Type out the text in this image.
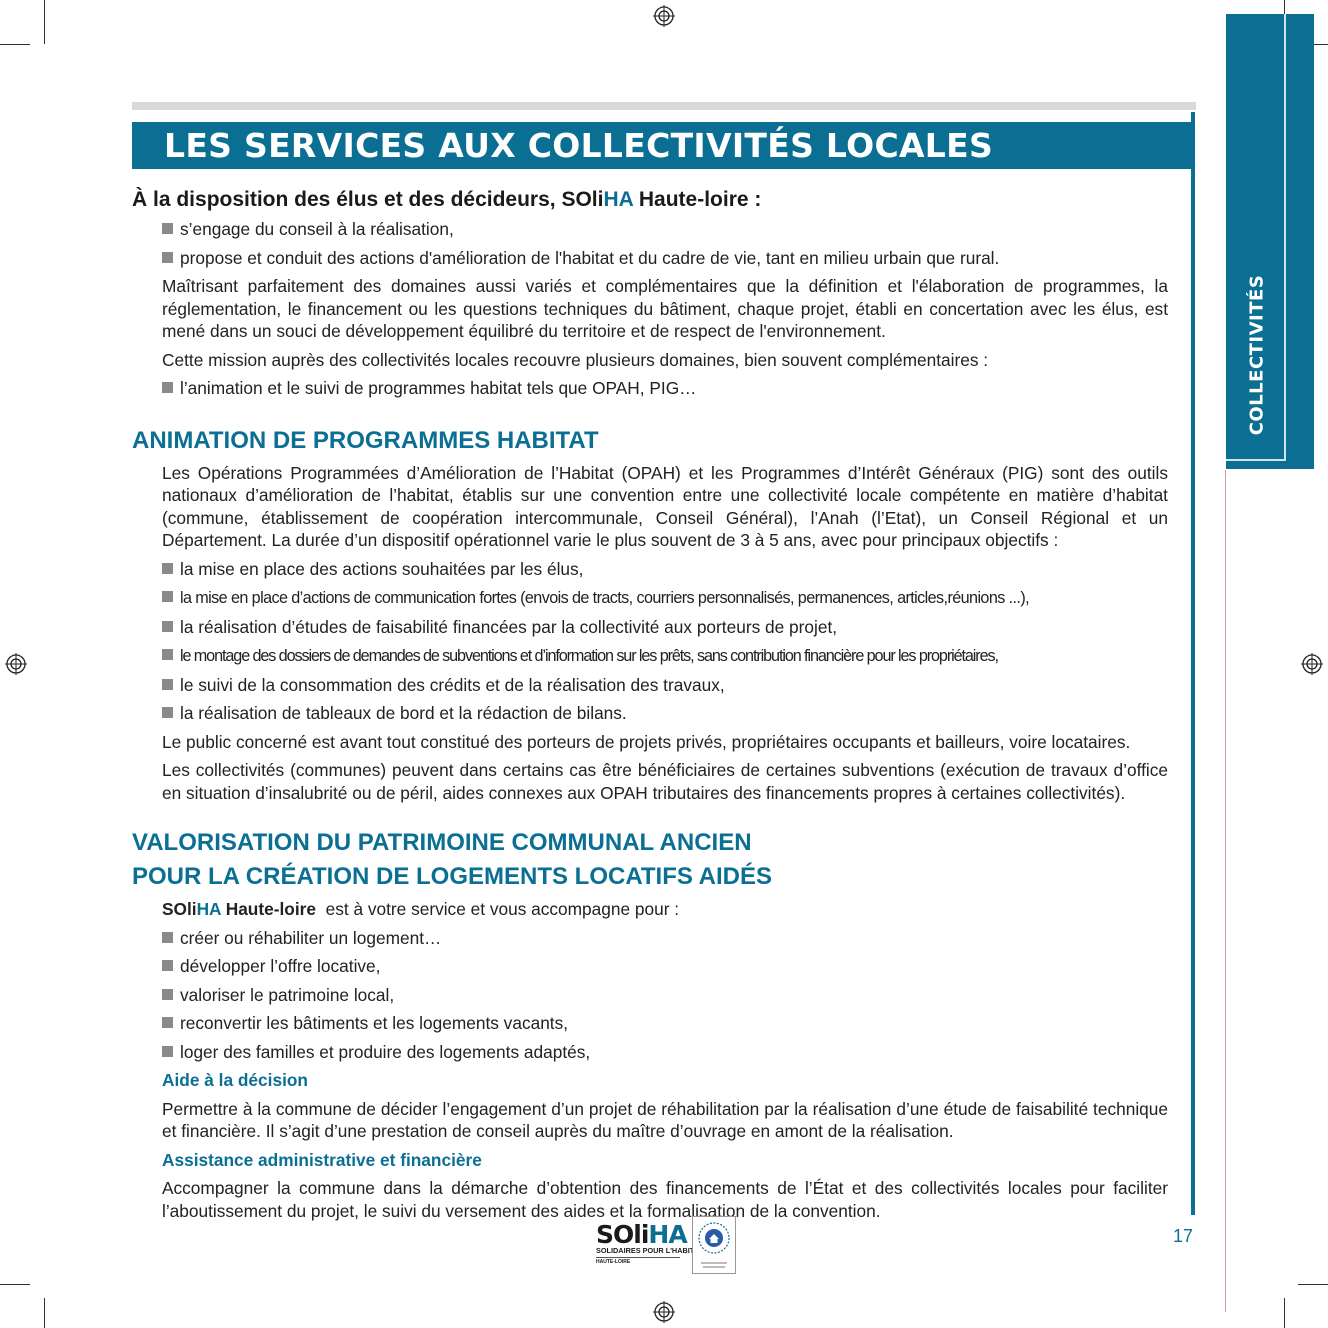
COLLECTIVITÉS
LES SERVICES AUX COLLECTIVITÉS LOCALES
À la disposition des élus et des décideurs, SOliHA Haute-loire :
s’engage du conseil à la réalisation,
propose et conduit des actions d'amélioration de l'habitat et du cadre de vie, tant en milieu urbain que rural.

Maîtrisant parfaitement des domaines aussi variés et complémentaires que la définition et l'élaboration de programmes, la réglementation, le financement ou les questions techniques du bâtiment, chaque projet, établi en concertation avec les élus, est mené dans un souci de développement équilibré du territoire et de respect de l'environnement.

Cette mission auprès des collectivités locales recouvre plusieurs domaines, bien souvent complémentaires :

l’animation et le suivi de programmes habitat tels que OPAH, PIG…
ANIMATION DE PROGRAMMES HABITAT

Les Opérations Programmées d’Amélioration de l’Habitat (OPAH) et les Programmes d’Intérêt Généraux (PIG) sont des outils nationaux d’amélioration de l’habitat, établis sur une convention entre une collectivité locale compétente en matière d’habitat (commune, établissement de coopération intercommunale, Conseil Général), l’Anah (l’Etat), un Conseil Régional et un Département. La durée d’un dispositif opérationnel varie le plus souvent de 3 à 5 ans, avec pour principaux objectifs :

la mise en place des actions souhaitées par les élus,
la mise en place d’actions de communication fortes (envois de tracts, courriers personnalisés, permanences, articles,réunions ...),
la réalisation d’études de faisabilité financées par la collectivité aux porteurs de projet,
le montage des dossiers de demandes de subventions et d’information sur les prêts, sans contribution financière pour les propriétaires,
le suivi de la consommation des crédits et de la réalisation des travaux,
la réalisation de tableaux de bord et la rédaction de bilans.

Le public concerné est avant tout constitué des porteurs de projets privés, propriétaires occupants et bailleurs, voire locataires.

Les collectivités (communes) peuvent dans certains cas être bénéficiaires de certaines subventions (exécution de travaux d’office en situation d’insalubrité ou de péril, aides connexes aux OPAH tributaires des financements propres à certaines collectivités).

VALORISATION DU PATRIMOINE COMMUNAL ANCIEN
POUR LA CRÉATION DE LOGEMENTS LOCATIFS AIDÉS
SOliHA Haute-loire  est à votre service et vous accompagne pour :
créer ou réhabiliter un logement…
développer l’offre locative,
valoriser le patrimoine local,
reconvertir les bâtiments et les logements vacants,
loger des familles et produire des logements adaptés,
Aide à la décision

Permettre à la commune de décider l’engagement d’un projet de réhabilitation par la réalisation d’une étude de faisabilité technique et financière. Il s’agit d’une prestation de conseil auprès du maître d’ouvrage en amont de la réalisation.

Assistance administrative et financière

Accompagner la commune dans la démarche d’obtention des financements de l’État et des collectivités locales pour faciliter l’aboutissement du projet, le suivi du versement des aides et la formalisation de la convention.

SOliHA
SOLIDAIRES POUR L'HABITAT
HAUTE-LOIRE
17
